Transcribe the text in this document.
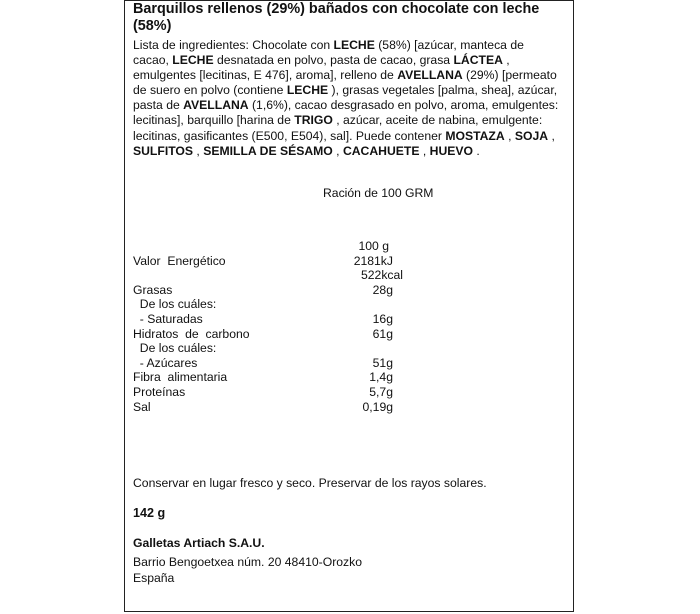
Barquillos rellenos (29%) bañados con chocolate con leche
(58%)
Lista de ingredientes: Chocolate con LECHE (58%) [azúcar, manteca de cacao, LECHE desnatada en polvo, pasta de cacao, grasa LÁCTEA , emulgentes [lecitinas, E 476], aroma], relleno de AVELLANA (29%) [permeato de suero en polvo (contiene LECHE ), grasas vegetales [palma, shea], azúcar, pasta de AVELLANA (1,6%), cacao desgrasado en polvo, aroma, emulgentes: lecitinas], barquillo [harina de TRIGO , azúcar, aceite de nabina, emulgente: lecitinas, gasificantes (E500, E504), sal]. Puede contener MOSTAZA , SOJA , SULFITOS , SEMILLA DE SÉSAMO , CACAHUETE , HUEVO .
Ración de 100 GRM
100 g
Valor  Energético	2181kJ
522kcal
Grasas	28g
De los cuáles:
- Saturadas	16g
Hidratos  de  carbono	61g
De los cuáles:
- Azúcares	51g
Fibra  alimentaria	1,4g
Proteínas	5,7g
Sal	0,19g
Conservar en lugar fresco y seco. Preservar de los rayos solares.
142 g
Galletas Artiach S.A.U.
Barrio Bengoetxea núm. 20 48410-Orozko
España
